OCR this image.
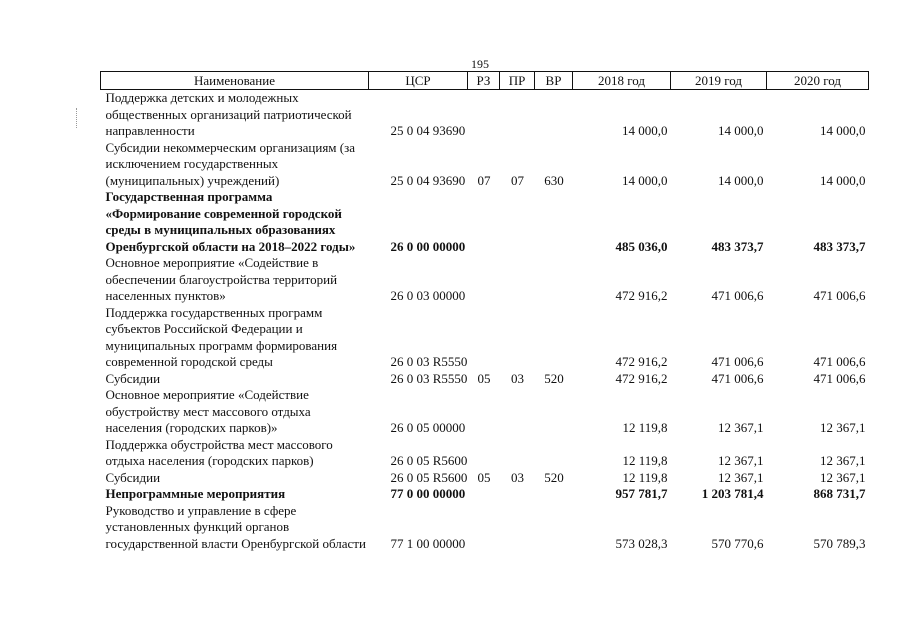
195
Наименование	ЦСР	РЗ	ПР	ВР	2018 год	2019 год	2020 год
Поддержка детских и молодежных общественных организаций патриотической направленности	25 0 04 93690				14 000,0	14 000,0	14 000,0
Субсидии некоммерческим организациям (за исключением государственных (муниципальных) учреждений)	25 0 04 93690	07	07	630	14 000,0	14 000,0	14 000,0
Государственная программа «Формирование современной городской среды в муниципальных образованиях Оренбургской области на 2018–2022 годы»	26 0 00 00000				485 036,0	483 373,7	483 373,7
Основное мероприятие «Содействие в обеспечении благоустройства территорий населенных пунктов»	26 0 03 00000				472 916,2	471 006,6	471 006,6
Поддержка государственных программ субъектов Российской Федерации и муниципальных программ формирования современной городской среды	26 0 03 R5550				472 916,2	471 006,6	471 006,6
Субсидии	26 0 03 R5550	05	03	520	472 916,2	471 006,6	471 006,6
Основное мероприятие «Содействие обустройству мест массового отдыха населения (городских парков)»	26 0 05 00000				12 119,8	12 367,1	12 367,1
Поддержка обустройства мест массового отдыха населения (городских парков)	26 0 05 R5600				12 119,8	12 367,1	12 367,1
Субсидии	26 0 05 R5600	05	03	520	12 119,8	12 367,1	12 367,1
Непрограммные мероприятия	77 0 00 00000				957 781,7	1 203 781,4	868 731,7
Руководство и управление в сфере установленных функций органов государственной власти Оренбургской области	77 1 00 00000				573 028,3	570 770,6	570 789,3
